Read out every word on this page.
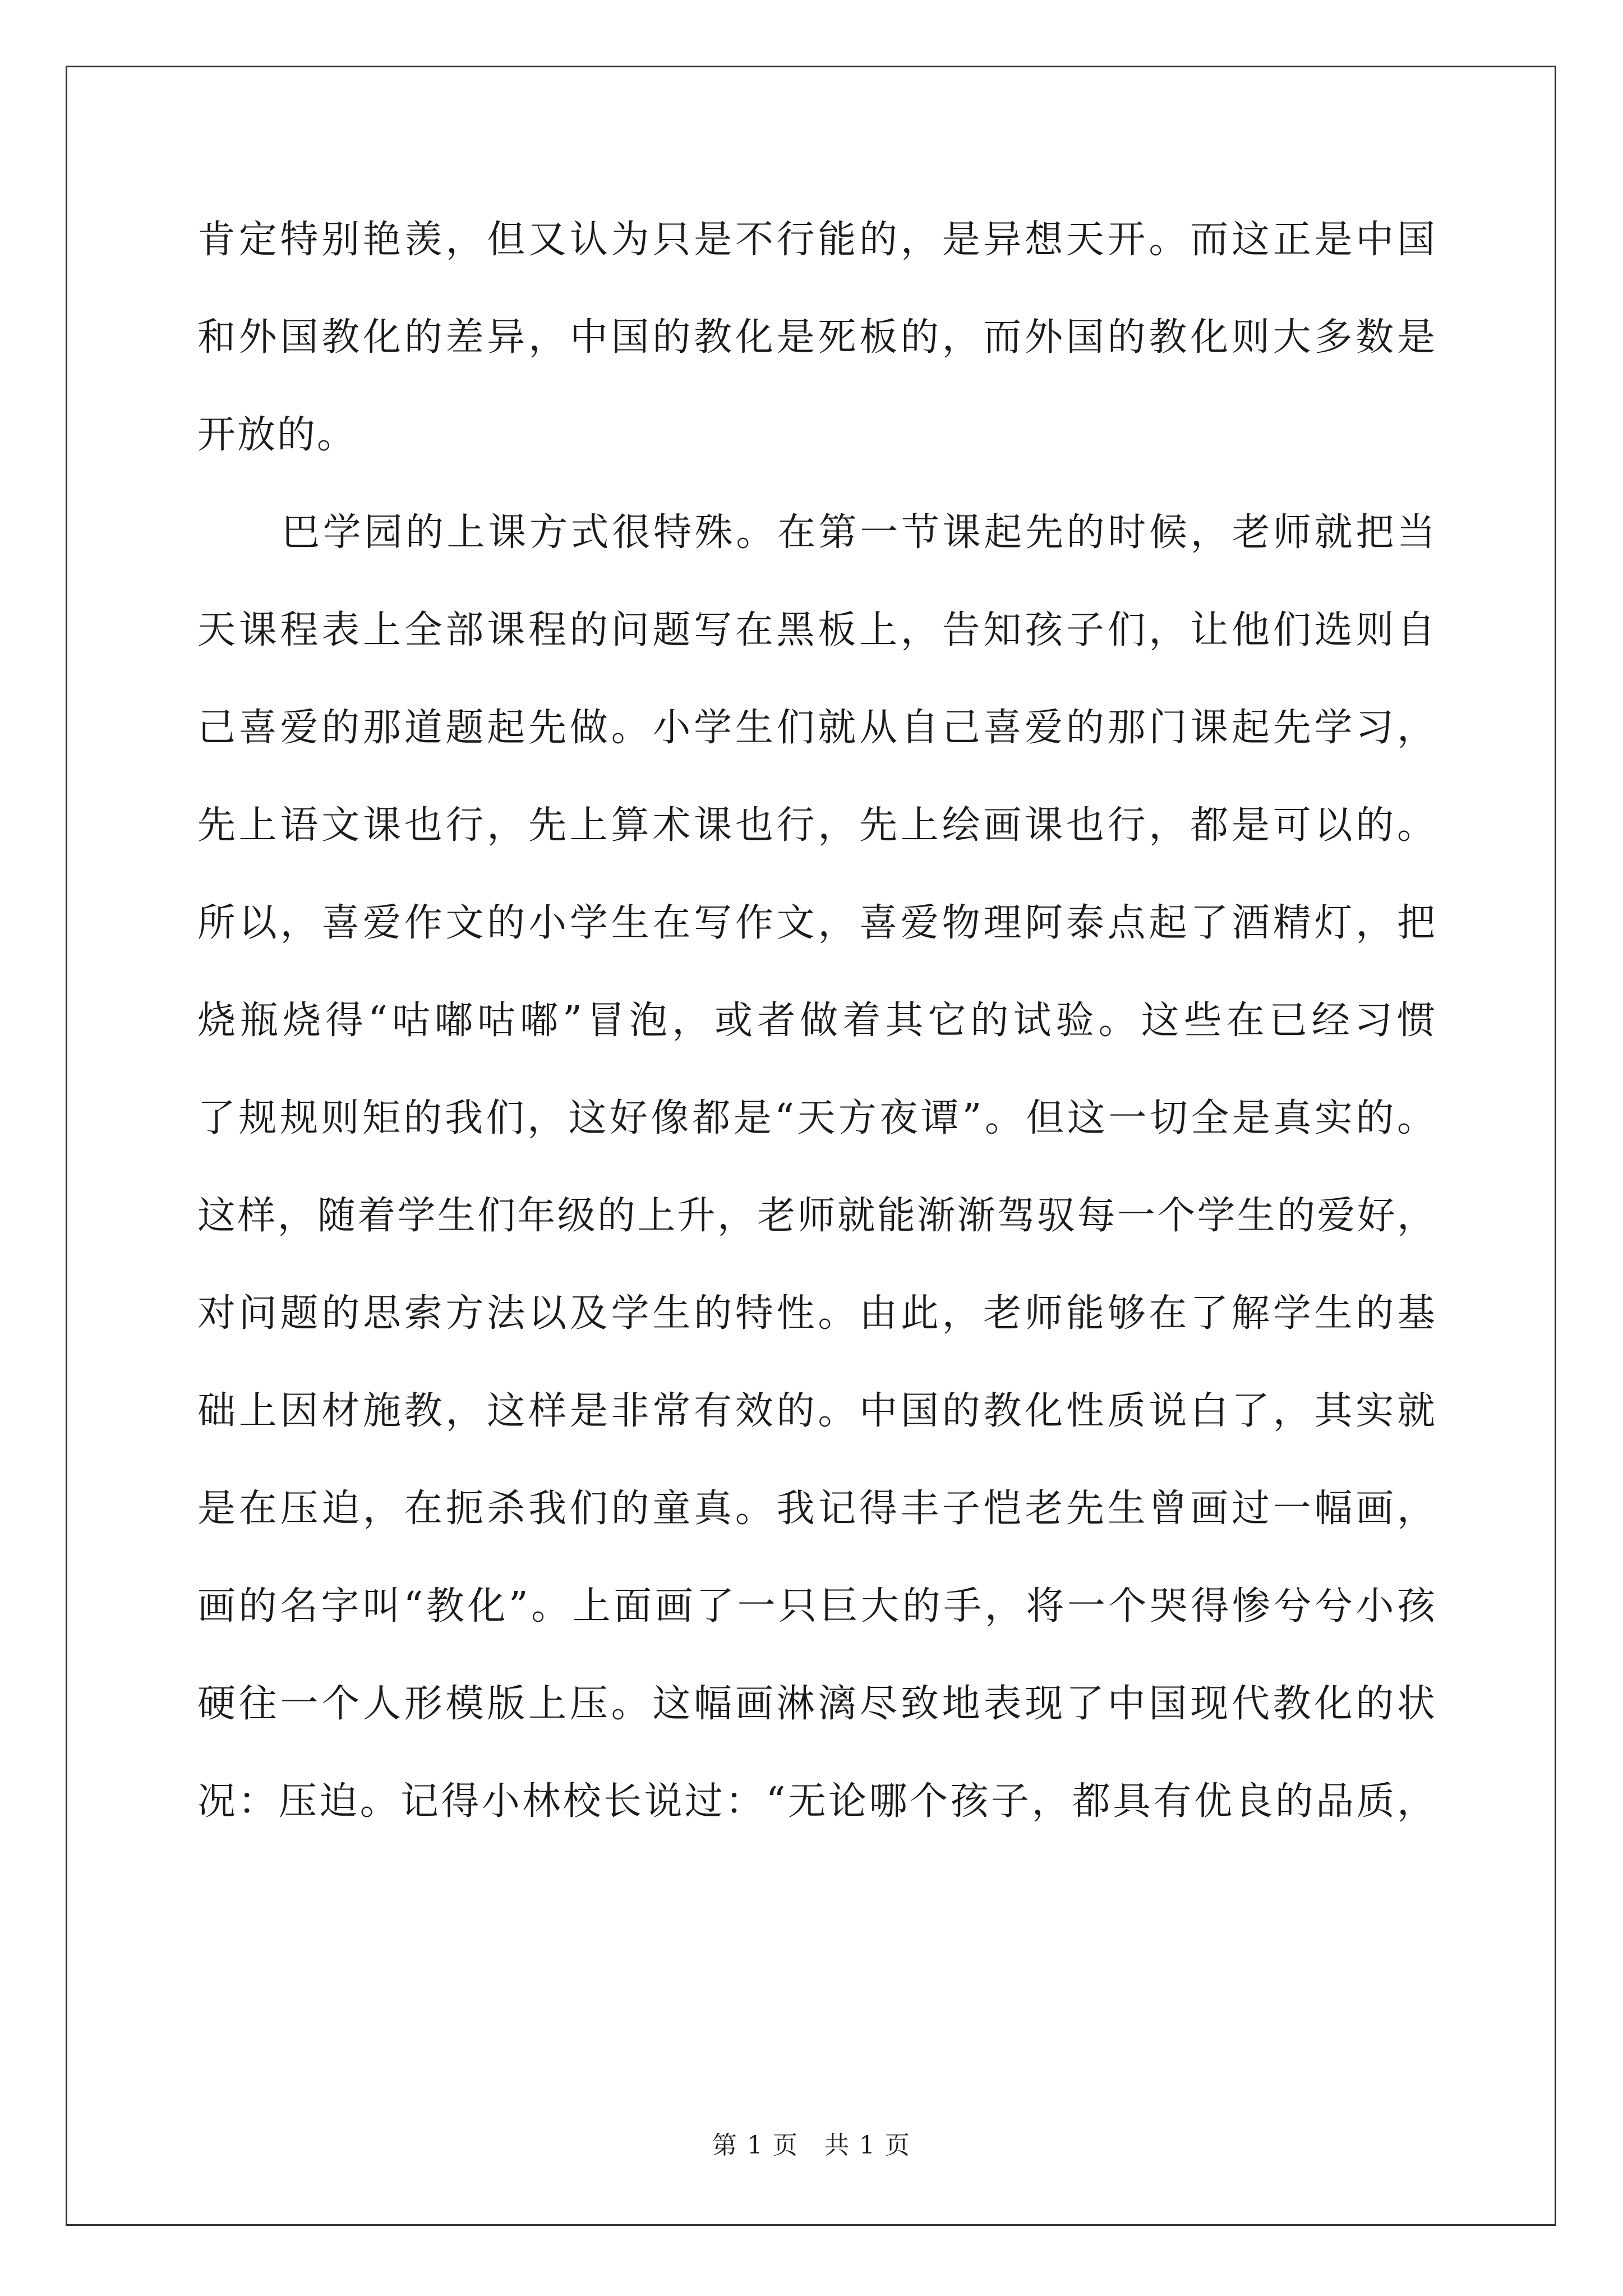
肯定特别艳羡，但又认为只是不行能的，是异想天开。而这正是中国

和外国教化的差异，中国的教化是死板的，而外国的教化则大多数是

开放的。

巴学园的上课方式很特殊。在第一节课起先的时候，老师就把当

天课程表上全部课程的问题写在黑板上，告知孩子们，让他们选则自

己喜爱的那道题起先做。小学生们就从自己喜爱的那门课起先学习，

先上语文课也行，先上算术课也行，先上绘画课也行，都是可以的。

所以，喜爱作文的小学生在写作文，喜爱物理阿泰点起了酒精灯，把

烧瓶烧得“咕嘟咕嘟”冒泡，或者做着其它的试验。这些在已经习惯

了规规则矩的我们，这好像都是“天方夜谭”。但这一切全是真实的。

这样，随着学生们年级的上升，老师就能渐渐驾驭每一个学生的爱好，

对问题的思索方法以及学生的特性。由此，老师能够在了解学生的基

础上因材施教，这样是非常有效的。中国的教化性质说白了，其实就

是在压迫，在扼杀我们的童真。我记得丰子恺老先生曾画过一幅画，

画的名字叫“教化”。上面画了一只巨大的手，将一个哭得惨兮兮小孩

硬往一个人形模版上压。这幅画淋漓尽致地表现了中国现代教化的状

况：压迫。记得小林校长说过：“无论哪个孩子，都具有优良的品质，

第 1 页　共 1 页
